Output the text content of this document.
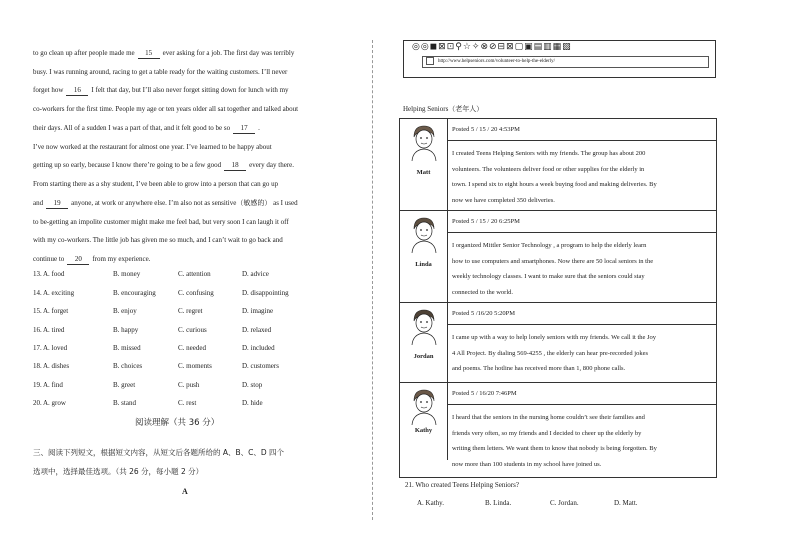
to go clean up after people made me 15 ever asking for a job. The first day was terribly
busy. I was running around, racing to get a table ready for the waiting customers. I’ll never
forget how 16 I felt that day, but I’ll also never forget sitting down for lunch with my
co-workers for the first time. People my age or ten years older all sat together and talked about
their days. All of a sudden I was a part of that, and it felt good to be so 17 .
I’ve now worked at the restaurant for almost one year. I’ve learned to be happy about
getting up so early, because I know there’re going to be a few good 18 every day there.
From starting there as a shy student, I’ve been able to grow into a person that can go up
and 19 anyone, at work or anywhere else. I’m also not as sensitive（敏感的） as I used
to be-getting an impolite customer might make me feel bad, but very soon I can laugh it off
with my co-workers. The little job has given me so much, and I can’t wait to go back and
continue to 20 from my experience.
13. A. food	B. money	C. attention	D. advice
14. A. exciting	B. encouraging	C. confusing	D. disappointing
15. A. forget	B. enjoy	C. regret	D. imagine
16. A. tired	B. happy	C. curious	D. relaxed
17. A. loved	B. missed	C. needed	D. included
18. A. dishes	B. choices	C. moments	D. customers
19. A. find	B. greet	C. push	D. stop
20. A. grow	B. stand	C. rest	D. hide
阅读理解（共 36 分）
三、阅读下列短文，根据短文内容，从短文后各题所给的 A、B、C、D 四个
选项中，选择最佳选项。（共 26 分，每小题 2 分）
A
◎◎◼⊠⊡⚲☆✧⊗⊘⊟⊠▢▣▤▥▦▧
http://www.helpseniors.com/volunteer-to-help-the-elderly/
Helping Seniors（老年人）
Matt
Posted 5 / 15 / 20 4:53PM
I created Teens Helping Seniors with my friends. The group has about 200
volunteers. The volunteers deliver food or other supplies for the elderly in
town. I spend six to eight hours a week buying food and making deliveries. By
now we have completed 350 deliveries.
Linda
Posted 5 / 15 / 20 6:25PM
I organized Mittler Senior Technology , a program to help the elderly learn
how to use computers and smartphones. Now there are 50 local seniors in the
weekly technology classes. I want to make sure that the seniors could stay
connected to the world.
Jordan
Posted 5 /16/20 5:20PM
I came up with a way to help lonely seniors with my friends. We call it the Joy
4 All Project. By dialing 569-4255 , the elderly can hear pre-recorded jokes
and poems. The hotline has received more than 1, 800 phone calls.
Kathy
Posted 5 / 16/20 7:46PM
I heard that the seniors in the nursing home couldn’t see their families and
friends very often, so my friends and I decided to cheer up the elderly by
writing them letters. We want them to know that nobody is being forgotten. By
now more than 100 students in my school have joined us.
21. Who created Teens Helping Seniors?
A. Kathy.	B. Linda.	C. Jordan.	D. Matt.
